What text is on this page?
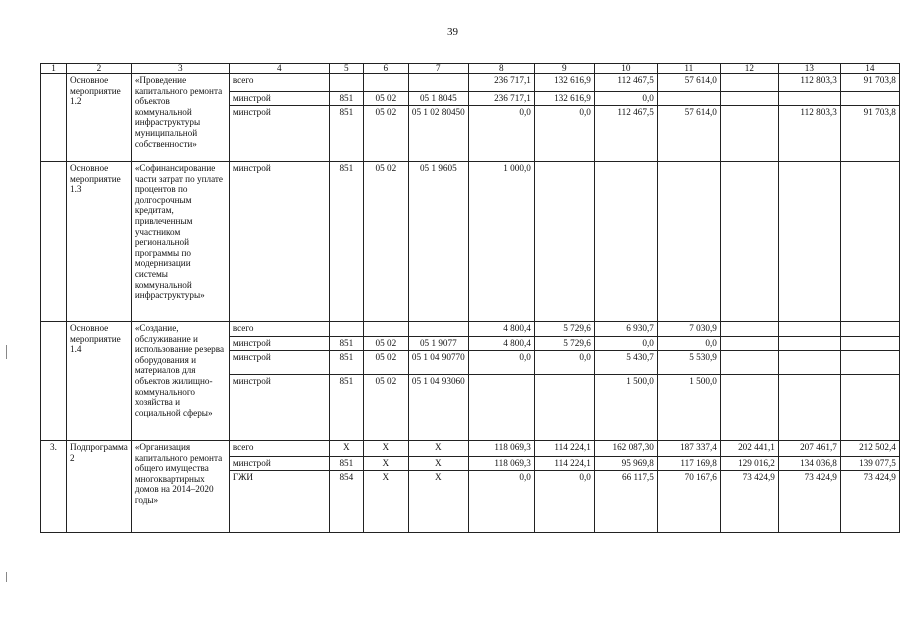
39
1	2	3	4	5	6	7	8	9	10	11	12	13	14
	Основное мероприятие 1.2	«Проведение капитального ремонта объектов коммунальной инфраструктуры муниципальной собственности»	всего				236 717,1	132 616,9	112 467,5	57 614,0		112 803,3	91 703,8
			минстрой	851	05 02	05 1 8045	236 717,1	132 616,9	0,0				
			минстрой	851	05 02	05 1 02 80450	0,0	0,0	112 467,5	57 614,0		112 803,3	91 703,8
	Основное мероприятие 1.3	«Софинансирование части затрат по уплате процентов по долгосрочным кредитам, привлеченным участником региональной программы по модернизации системы коммунальной инфраструктуры»	минстрой	851	05 02	05 1 9605	1 000,0						
	Основное мероприятие 1.4	«Создание, обслуживание и использование резерва оборудования и материалов для объектов жилищно-коммунального хозяйства и социальной сферы»	всего				4 800,4	5 729,6	6 930,7	7 030,9			
			минстрой	851	05 02	05 1 9077	4 800,4	5 729,6	0,0	0,0			
			минстрой	851	05 02	05 1 04 90770	0,0	0,0	5 430,7	5 530,9			
			минстрой	851	05 02	05 1 04 93060			1 500,0	1 500,0			
3.	Подпрограмма 2	«Организация капитального ремонта общего имущества многоквартирных домов на 2014–2020 годы»	всего	X	X	X	118 069,3	114 224,1	162 087,30	187 337,4	202 441,1	207 461,7	212 502,4
			минстрой	851	X	X	118 069,3	114 224,1	95 969,8	117 169,8	129 016,2	134 036,8	139 077,5
			ГЖИ	854	X	X	0,0	0,0	66 117,5	70 167,6	73 424,9	73 424,9	73 424,9
